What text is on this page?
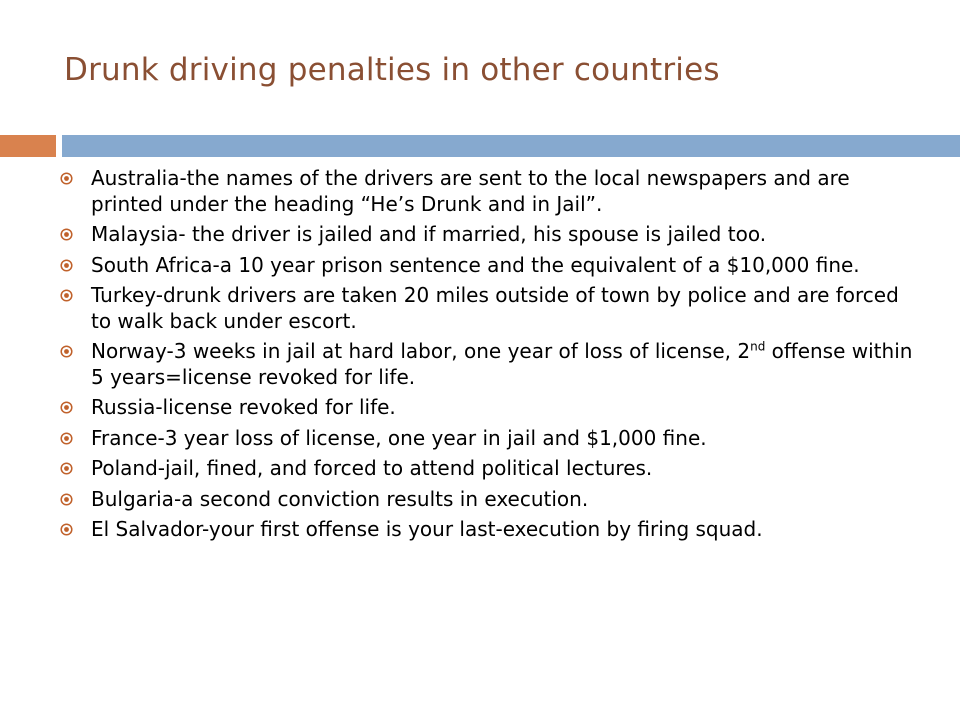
Drunk driving penalties in other countries
Australia-the names of the drivers are sent to the local newspapers and are printed under the heading “He’s Drunk and in Jail”.
Malaysia- the driver is jailed and if married, his spouse is jailed too.
South Africa-a 10 year prison sentence and the equivalent of a $10,000 fine.
Turkey-drunk drivers are taken 20 miles outside of town by police and are forced to walk back under escort.
Norway-3 weeks in jail at hard labor, one year of loss of license, 2nd offense within 5 years=license revoked for life.
Russia-license revoked for life.
France-3 year loss of license, one year in jail and $1,000 fine.
Poland-jail, fined, and forced to attend political lectures.
Bulgaria-a second conviction results in execution.
El Salvador-your first offense is your last-execution by firing squad.
